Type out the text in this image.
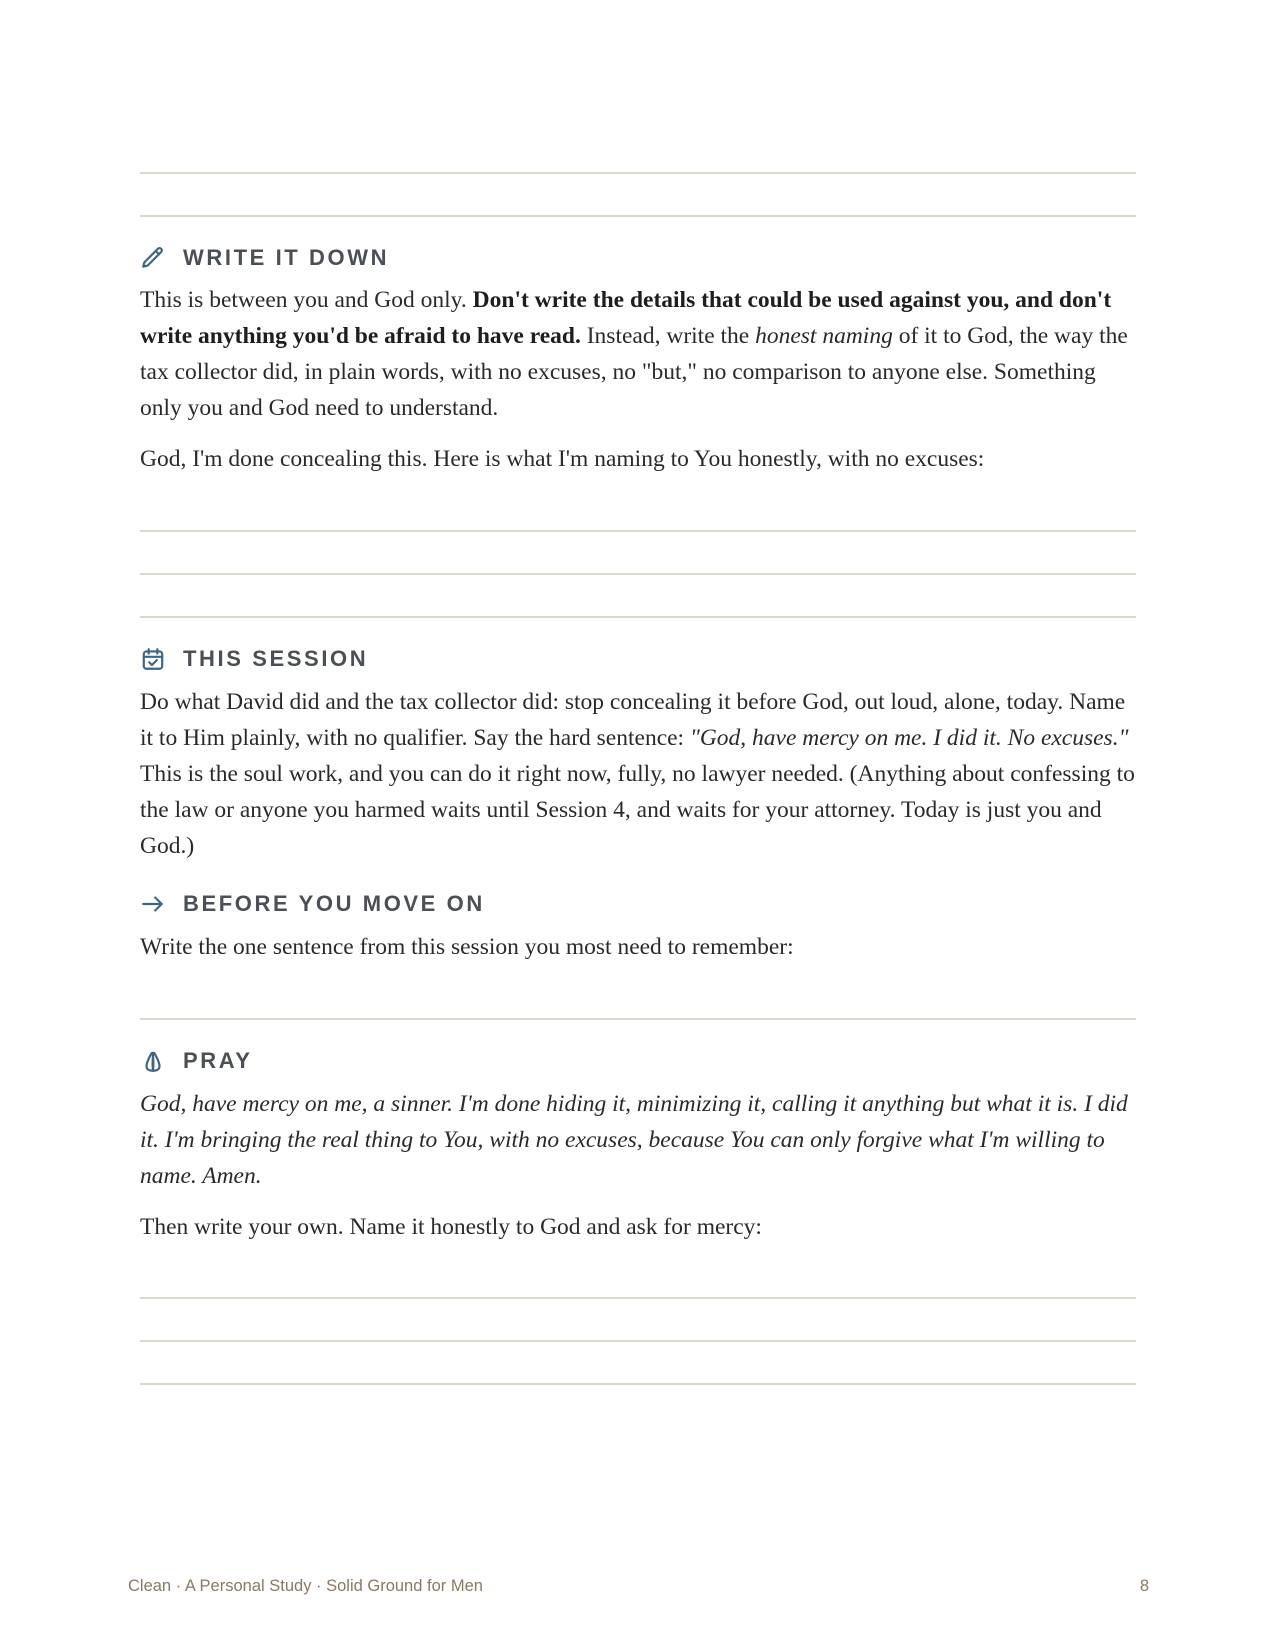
WRITE IT DOWN

This is between you and God only. Don't write the details that could be used against you, and don't write anything you'd be afraid to have read. Instead, write the honest naming of it to God, the way the tax collector did, in plain words, with no excuses, no "but," no comparison to anyone else. Something only you and God need to understand.

God, I'm done concealing this. Here is what I'm naming to You honestly, with no excuses:

THIS SESSION

Do what David did and the tax collector did: stop concealing it before God, out loud, alone, today. Name it to Him plainly, with no qualifier. Say the hard sentence: "God, have mercy on me. I did it. No excuses." This is the soul work, and you can do it right now, fully, no lawyer needed. (Anything about confessing to the law or anyone you harmed waits until Session 4, and waits for your attorney. Today is just you and God.)

BEFORE YOU MOVE ON

Write the one sentence from this session you most need to remember:

PRAY

God, have mercy on me, a sinner. I'm done hiding it, minimizing it, calling it anything but what it is. I did it. I'm bringing the real thing to You, with no excuses, because You can only forgive what I'm willing to name. Amen.

Then write your own. Name it honestly to God and ask for mercy:

Clean · A Personal Study · Solid Ground for Men	8
